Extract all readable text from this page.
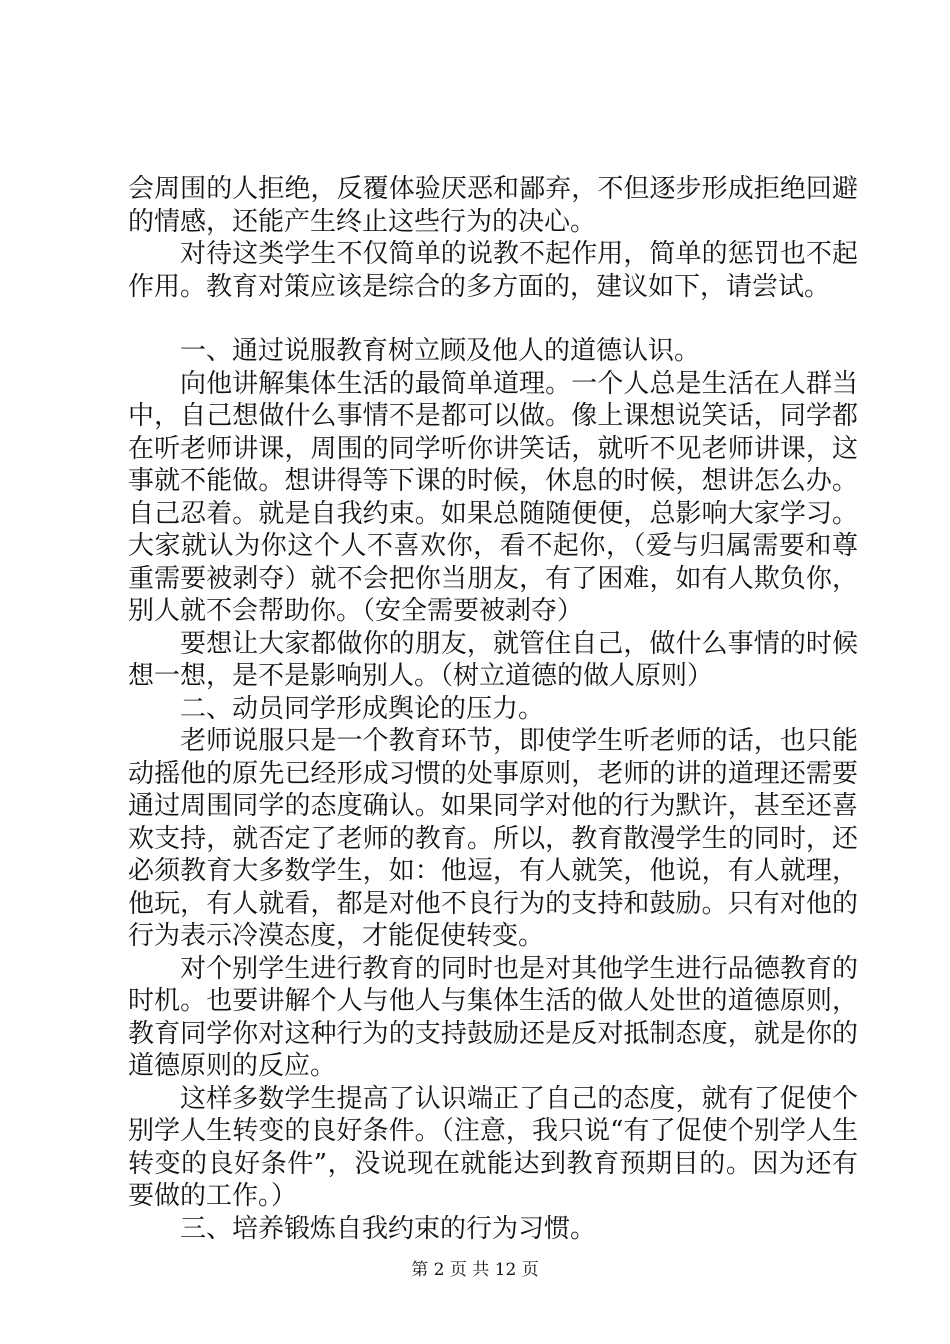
会周围的人拒绝，反覆体验厌恶和鄙弃，不但逐步形成拒绝回避的情感，还能产生终止这些行为的决心。

对待这类学生不仅简单的说教不起作用，简单的惩罚也不起作用。教育对策应该是综合的多方面的，建议如下，请尝试。

一、通过说服教育树立顾及他人的道德认识。

向他讲解集体生活的最简单道理。一个人总是生活在人群当中，自己想做什么事情不是都可以做。像上课想说笑话，同学都在听老师讲课，周围的同学听你讲笑话，就听不见老师讲课，这事就不能做。想讲得等下课的时候，休息的时候，想讲怎么办。自己忍着。就是自我约束。如果总随随便便，总影响大家学习。大家就认为你这个人不喜欢你，看不起你，（爱与归属需要和尊重需要被剥夺）就不会把你当朋友，有了困难，如有人欺负你，别人就不会帮助你。（安全需要被剥夺）

要想让大家都做你的朋友，就管住自己，做什么事情的时候想一想，是不是影响别人。（树立道德的做人原则）

二、动员同学形成舆论的压力。

老师说服只是一个教育环节，即使学生听老师的话，也只能动摇他的原先已经形成习惯的处事原则，老师的讲的道理还需要通过周围同学的态度确认。如果同学对他的行为默许，甚至还喜欢支持，就否定了老师的教育。所以，教育散漫学生的同时，还必须教育大多数学生，如：他逗，有人就笑，他说，有人就理，他玩，有人就看，都是对他不良行为的支持和鼓励。只有对他的行为表示冷漠态度，才能促使转变。

对个别学生进行教育的同时也是对其他学生进行品德教育的时机。也要讲解个人与他人与集体生活的做人处世的道德原则，教育同学你对这种行为的支持鼓励还是反对抵制态度，就是你的道德原则的反应。

这样多数学生提高了认识端正了自己的态度，就有了促使个别学人生转变的良好条件。（注意，我只说“有了促使个别学人生转变的良好条件”，没说现在就能达到教育预期目的。因为还有要做的工作。）

三、培养锻炼自我约束的行为习惯。

第 2 页 共 12 页
